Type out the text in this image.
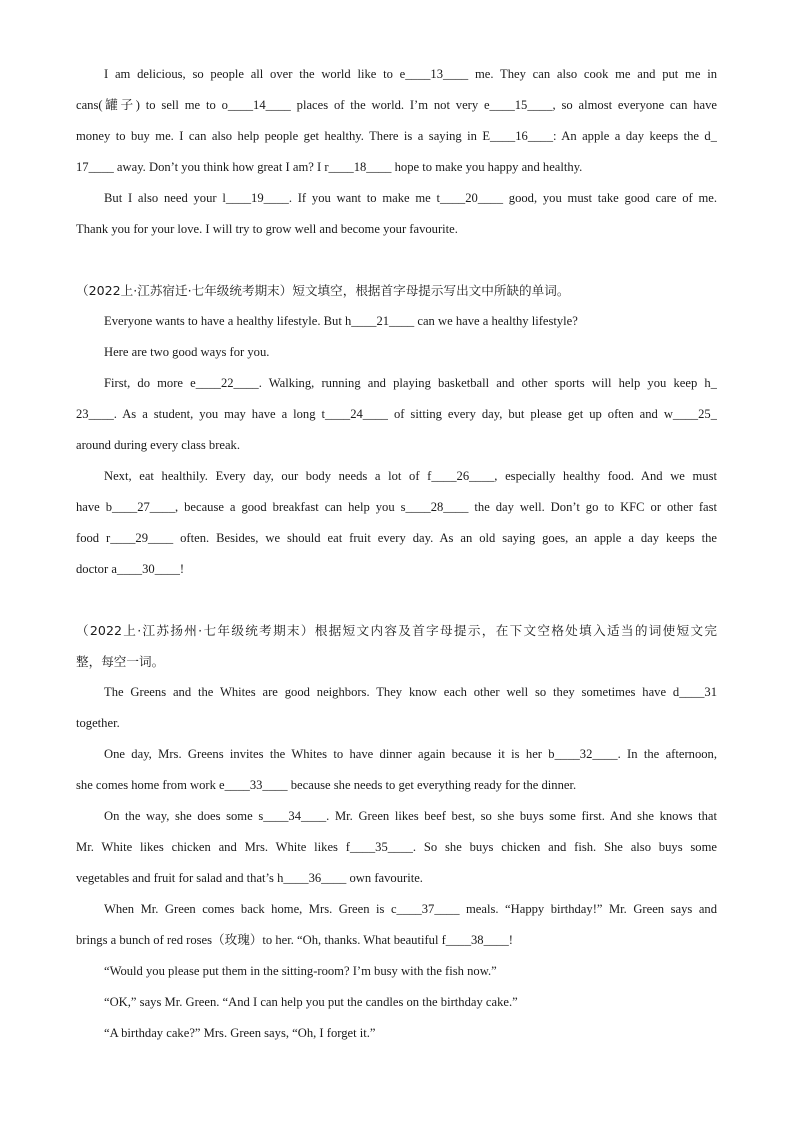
I am delicious, so people all over the world like to e____13____ me. They can also cook me and put me in
cans(罐子) to sell me to o____14____ places of the world. I’m not very e____15____, so almost everyone can have
money to buy me. I can also help people get healthy. There is a saying in E____16____: An apple a day keeps the d_
17____ away. Don’t you think how great I am? I r____18____ hope to make you happy and healthy.
But I also need your l____19____. If you want to make me t____20____ good, you must take good care of me.
Thank you for your love. I will try to grow well and become your favourite.
（2022上·江苏宿迁·七年级统考期末）短文填空，根据首字母提示写出文中所缺的单词。
Everyone wants to have a healthy lifestyle. But h____21____ can we have a healthy lifestyle?
Here are two good ways for you.
First, do more e____22____. Walking, running and playing basketball and other sports will help you keep h_
23____. As a student, you may have a long t____24____ of sitting every day, but please get up often and w____25_
around during every class break.
Next, eat healthily. Every day, our body needs a lot of f____26____, especially healthy food. And we must
have b____27____, because a good breakfast can help you s____28____ the day well. Don’t go to KFC or other fast
food r____29____ often. Besides, we should eat fruit every day. As an old saying goes, an apple a day keeps the
doctor a____30____!
（2022上·江苏扬州·七年级统考期末）根据短文内容及首字母提示，在下文空格处填入适当的词使短文完
整，每空一词。
The Greens and the Whites are good neighbors. They know each other well so they sometimes have d____31
together.
One day, Mrs. Greens invites the Whites to have dinner again because it is her b____32____. In the afternoon,
she comes home from work e____33____ because she needs to get everything ready for the dinner.
On the way, she does some s____34____. Mr. Green likes beef best, so she buys some first. And she knows that
Mr. White likes chicken and Mrs. White likes f____35____. So she buys chicken and fish. She also buys some
vegetables and fruit for salad and that’s h____36____ own favourite.
When Mr. Green comes back home, Mrs. Green is c____37____ meals. “Happy birthday!” Mr. Green says and
brings a bunch of red roses（玫瑰）to her. “Oh, thanks. What beautiful f____38____!
“Would you please put them in the sitting-room? I’m busy with the fish now.”
“OK,” says Mr. Green. “And I can help you put the candles on the birthday cake.”
“A birthday cake?” Mrs. Green says, “Oh, I forget it.”
